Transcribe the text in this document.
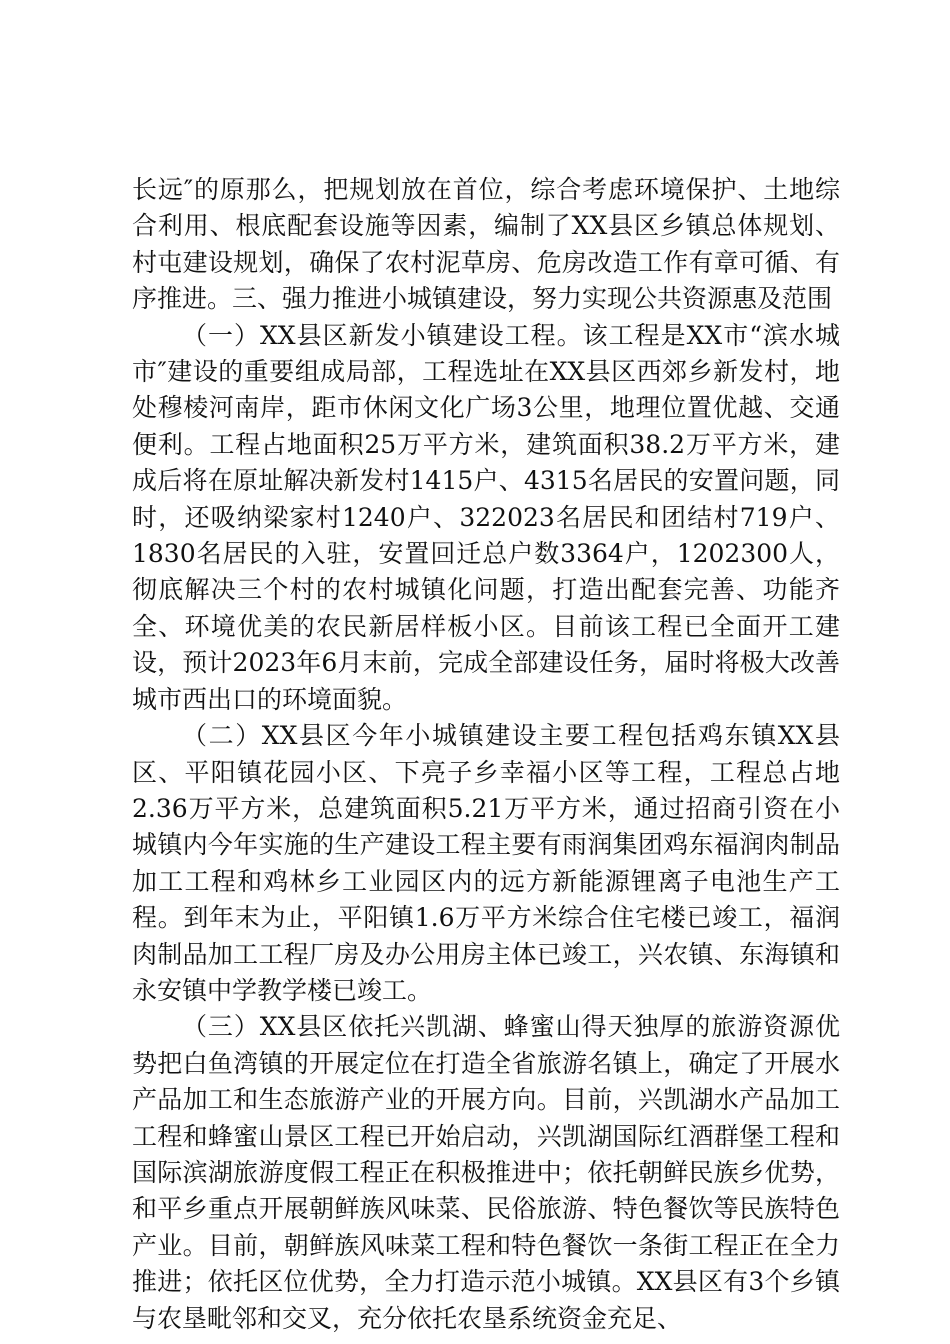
长远″的原那么，把规划放在首位，综合考虑环境保护、土地综合利用、根底配套设施等因素，编制了XX县区乡镇总体规划、村屯建设规划，确保了农村泥草房、危房改造工作有章可循、有序推进。三、强力推进小城镇建设，努力实现公共资源惠及范围

（一）XX县区新发小镇建设工程。该工程是XX市“滨水城市″建设的重要组成局部，工程选址在XX县区西郊乡新发村，地处穆棱河南岸，距市休闲文化广场3公里，地理位置优越、交通便利。工程占地面积25万平方米，建筑面积38.2万平方米，建成后将在原址解决新发村1415户、4315名居民的安置问题，同时，还吸纳梁家村1240户、322023名居民和团结村719户、1830名居民的入驻，安置回迁总户数3364户，1202300人，彻底解决三个村的农村城镇化问题，打造出配套完善、功能齐全、环境优美的农民新居样板小区。目前该工程已全面开工建设，预计2023年6月末前，完成全部建设任务，届时将极大改善城市西出口的环境面貌。

（二）XX县区今年小城镇建设主要工程包括鸡东镇XX县区、平阳镇花园小区、下亮子乡幸福小区等工程，工程总占地2.36万平方米，总建筑面积5.21万平方米，通过招商引资在小城镇内今年实施的生产建设工程主要有雨润集团鸡东福润肉制品加工工程和鸡林乡工业园区内的远方新能源锂离子电池生产工程。到年末为止，平阳镇1.6万平方米综合住宅楼已竣工，福润肉制品加工工程厂房及办公用房主体已竣工，兴农镇、东海镇和永安镇中学教学楼已竣工。

（三）XX县区依托兴凯湖、蜂蜜山得天独厚的旅游资源优势把白鱼湾镇的开展定位在打造全省旅游名镇上，确定了开展水产品加工和生态旅游产业的开展方向。目前，兴凯湖水产品加工工程和蜂蜜山景区工程已开始启动，兴凯湖国际红酒群堡工程和国际滨湖旅游度假工程正在积极推进中；依托朝鲜民族乡优势，和平乡重点开展朝鲜族风味菜、民俗旅游、特色餐饮等民族特色产业。目前，朝鲜族风味菜工程和特色餐饮一条街工程正在全力推进；依托区位优势，全力打造示范小城镇。XX县区有3个乡镇与农垦毗邻和交叉，充分依托农垦系统资金充足、
